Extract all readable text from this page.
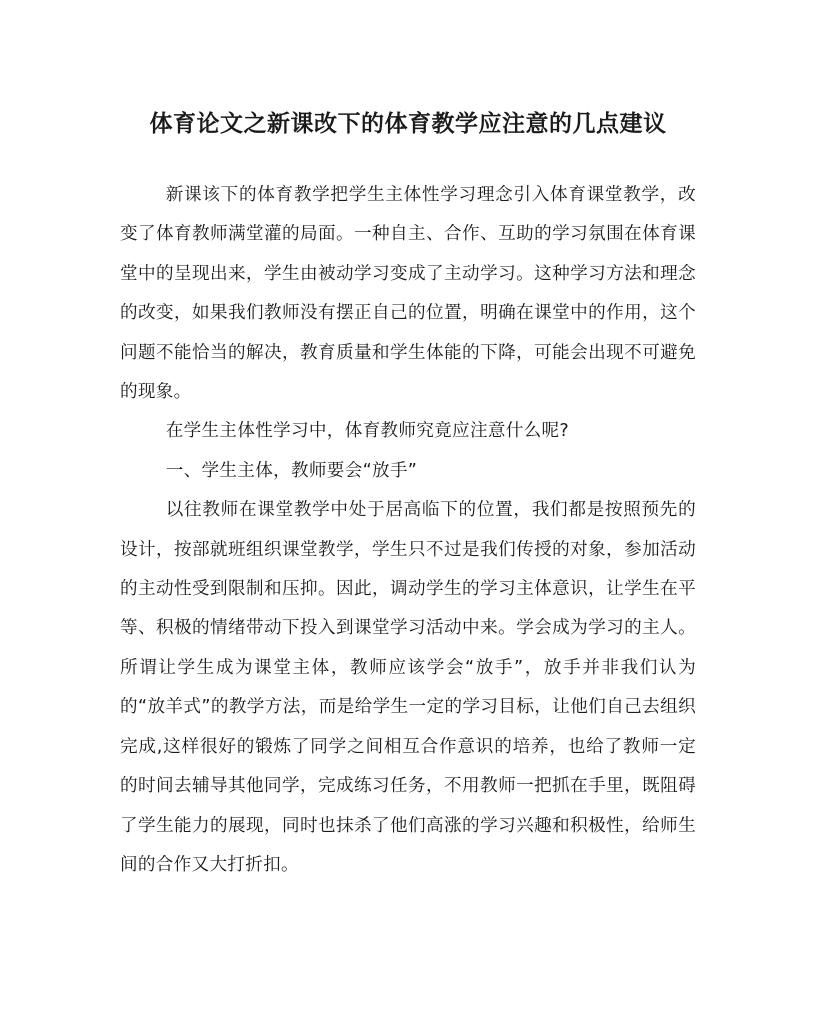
体育论文之新课改下的体育教学应注意的几点建议

新课该下的体育教学把学生主体性学习理念引入体育课堂教学，改变了体育教师满堂灌的局面。一种自主、合作、互助的学习氛围在体育课堂中的呈现出来，学生由被动学习变成了主动学习。这种学习方法和理念的改变，如果我们教师没有摆正自己的位置，明确在课堂中的作用，这个问题不能恰当的解决，教育质量和学生体能的下降，可能会出现不可避免的现象。

在学生主体性学习中，体育教师究竟应注意什么呢?

一、学生主体，教师要会“放手”

以往教师在课堂教学中处于居高临下的位置，我们都是按照预先的设计，按部就班组织课堂教学，学生只不过是我们传授的对象，参加活动的主动性受到限制和压抑。因此，调动学生的学习主体意识，让学生在平等、积极的情绪带动下投入到课堂学习活动中来。学会成为学习的主人。所谓让学生成为课堂主体，教师应该学会“放手”，放手并非我们认为的“放羊式”的教学方法，而是给学生一定的学习目标，让他们自己去组织完成,这样很好的锻炼了同学之间相互合作意识的培养，也给了教师一定的时间去辅导其他同学，完成练习任务，不用教师一把抓在手里，既阻碍了学生能力的展现，同时也抹杀了他们高涨的学习兴趣和积极性，给师生间的合作又大打折扣。
